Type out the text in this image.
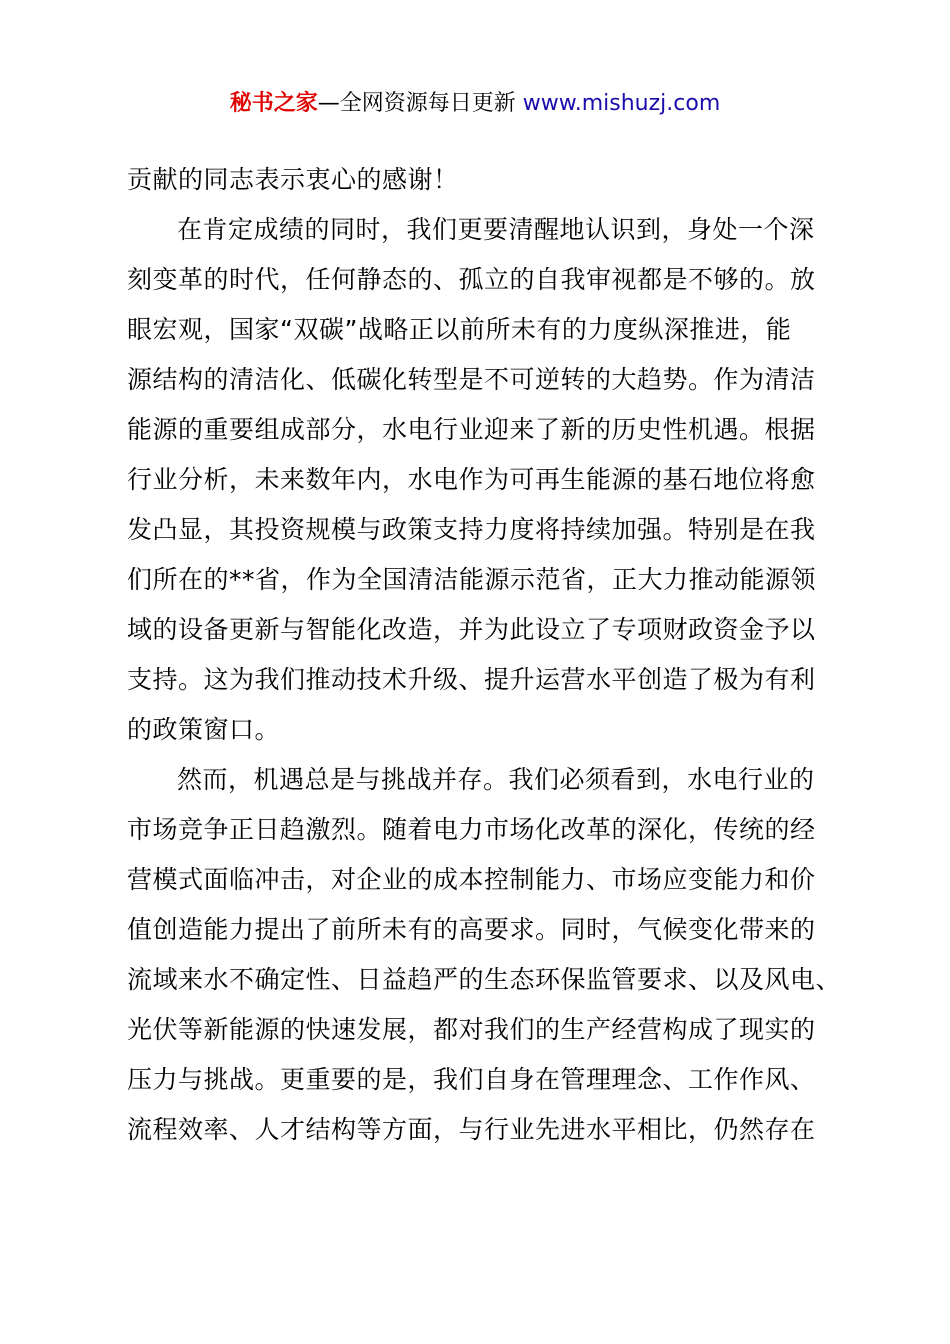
秘书之家—全网资源每日更新 www.mishuzj.com
贡献的同志表示衷心的感谢！
在肯定成绩的同时，我们更要清醒地认识到，身处一个深
刻变革的时代，任何静态的、孤立的自我审视都是不够的。放
眼宏观，国家“双碳”战略正以前所未有的力度纵深推进，能
源结构的清洁化、低碳化转型是不可逆转的大趋势。作为清洁
能源的重要组成部分，水电行业迎来了新的历史性机遇。根据
行业分析，未来数年内，水电作为可再生能源的基石地位将愈
发凸显，其投资规模与政策支持力度将持续加强。特别是在我
们所在的**省，作为全国清洁能源示范省，正大力推动能源领
域的设备更新与智能化改造，并为此设立了专项财政资金予以
支持。这为我们推动技术升级、提升运营水平创造了极为有利
的政策窗口。
然而，机遇总是与挑战并存。我们必须看到，水电行业的
市场竞争正日趋激烈。随着电力市场化改革的深化，传统的经
营模式面临冲击，对企业的成本控制能力、市场应变能力和价
值创造能力提出了前所未有的高要求。同时，气候变化带来的
流域来水不确定性、日益趋严的生态环保监管要求、以及风电、
光伏等新能源的快速发展，都对我们的生产经营构成了现实的
压力与挑战。更重要的是，我们自身在管理理念、工作作风、
流程效率、人才结构等方面，与行业先进水平相比，仍然存在
